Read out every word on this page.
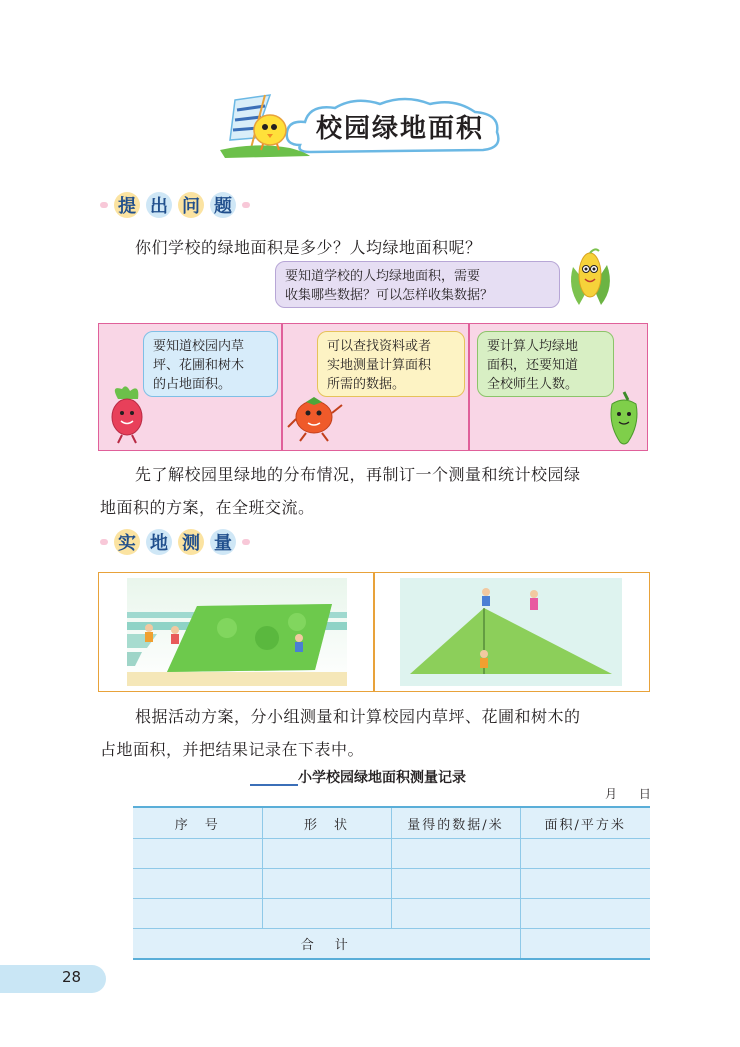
校园绿地面积
提 出 问 题
你们学校的绿地面积是多少？人均绿地面积呢？
要知道学校的人均绿地面积，需要
收集哪些数据？可以怎样收集数据？
要知道校园内草
坪、花圃和树木
的占地面积。
可以查找资料或者
实地测量计算面积
所需的数据。
要计算人均绿地
面积，还要知道
全校师生人数。
先了解校园里绿地的分布情况，再制订一个测量和统计校园绿
地面积的方案，在全班交流。
实 地 测 量
根据活动方案，分小组测量和计算校园内草坪、花圃和树木的
占地面积，并把结果记录在下表中。
小学校园绿地面积测量记录
月 日
序　号	形　状	量得的数据/米	面积/平方米

合　计			
28
